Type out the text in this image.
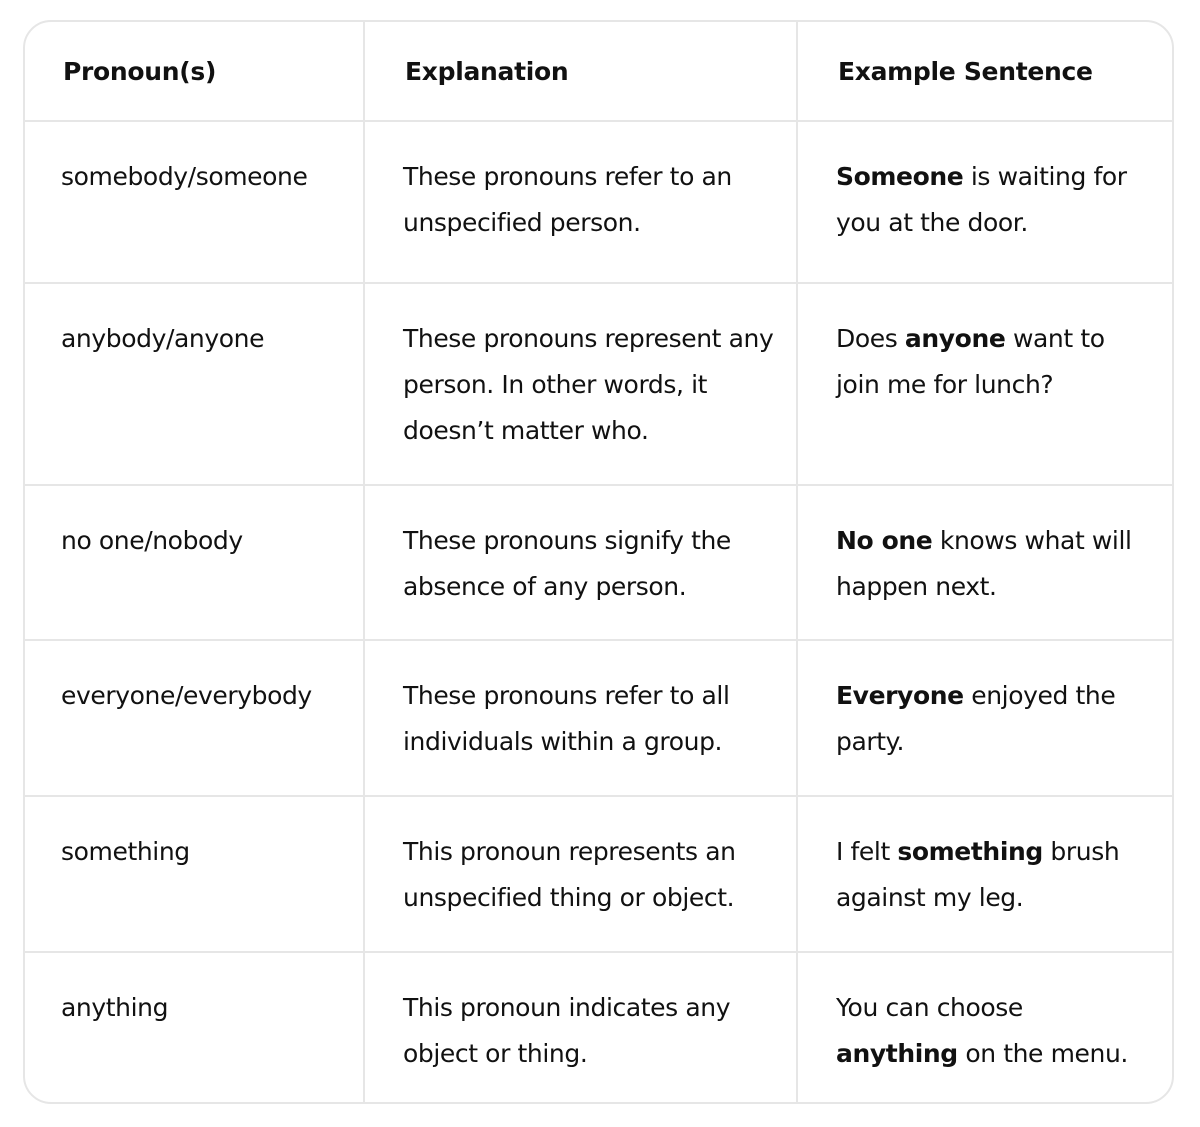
Pronoun(s)	Explanation	Example Sentence
somebody/someone	These pronouns refer to an unspecified person.	Someone is waiting for you at the door.
anybody/anyone	These pronouns represent any person. In other words, it doesn’t matter who.	Does anyone want to join me for lunch?
no one/nobody	These pronouns signify the absence of any person.	No one knows what will happen next.
everyone/everybody	These pronouns refer to all individuals within a group.	Everyone enjoyed the party.
something	This pronoun represents an unspecified thing or object.	I felt something brush against my leg.
anything	This pronoun indicates any object or thing.	You can choose anything on the menu.
